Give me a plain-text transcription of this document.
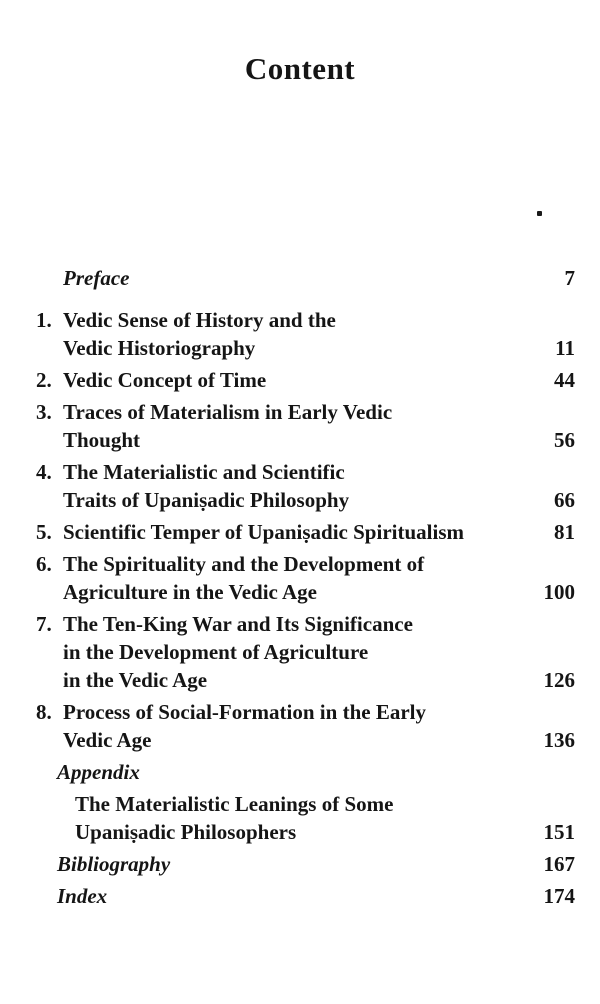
Content
Preface	7
1. Vedic Sense of History and the
Vedic Historiography	11
2. Vedic Concept of Time	44
3. Traces of Materialism in Early Vedic
Thought	56
4. The Materialistic and Scientific
Traits of Upaniṣadic Philosophy	66
5. Scientific Temper of Upaniṣadic Spiritualism	81
6. The Spirituality and the Development of
Agriculture in the Vedic Age	100
7. The Ten-King War and Its Significance
in the Development of Agriculture
in the Vedic Age	126
8. Process of Social-Formation in the Early
Vedic Age	136
Appendix
The Materialistic Leanings of Some
Upaniṣadic Philosophers	151
Bibliography	167
Index	174
